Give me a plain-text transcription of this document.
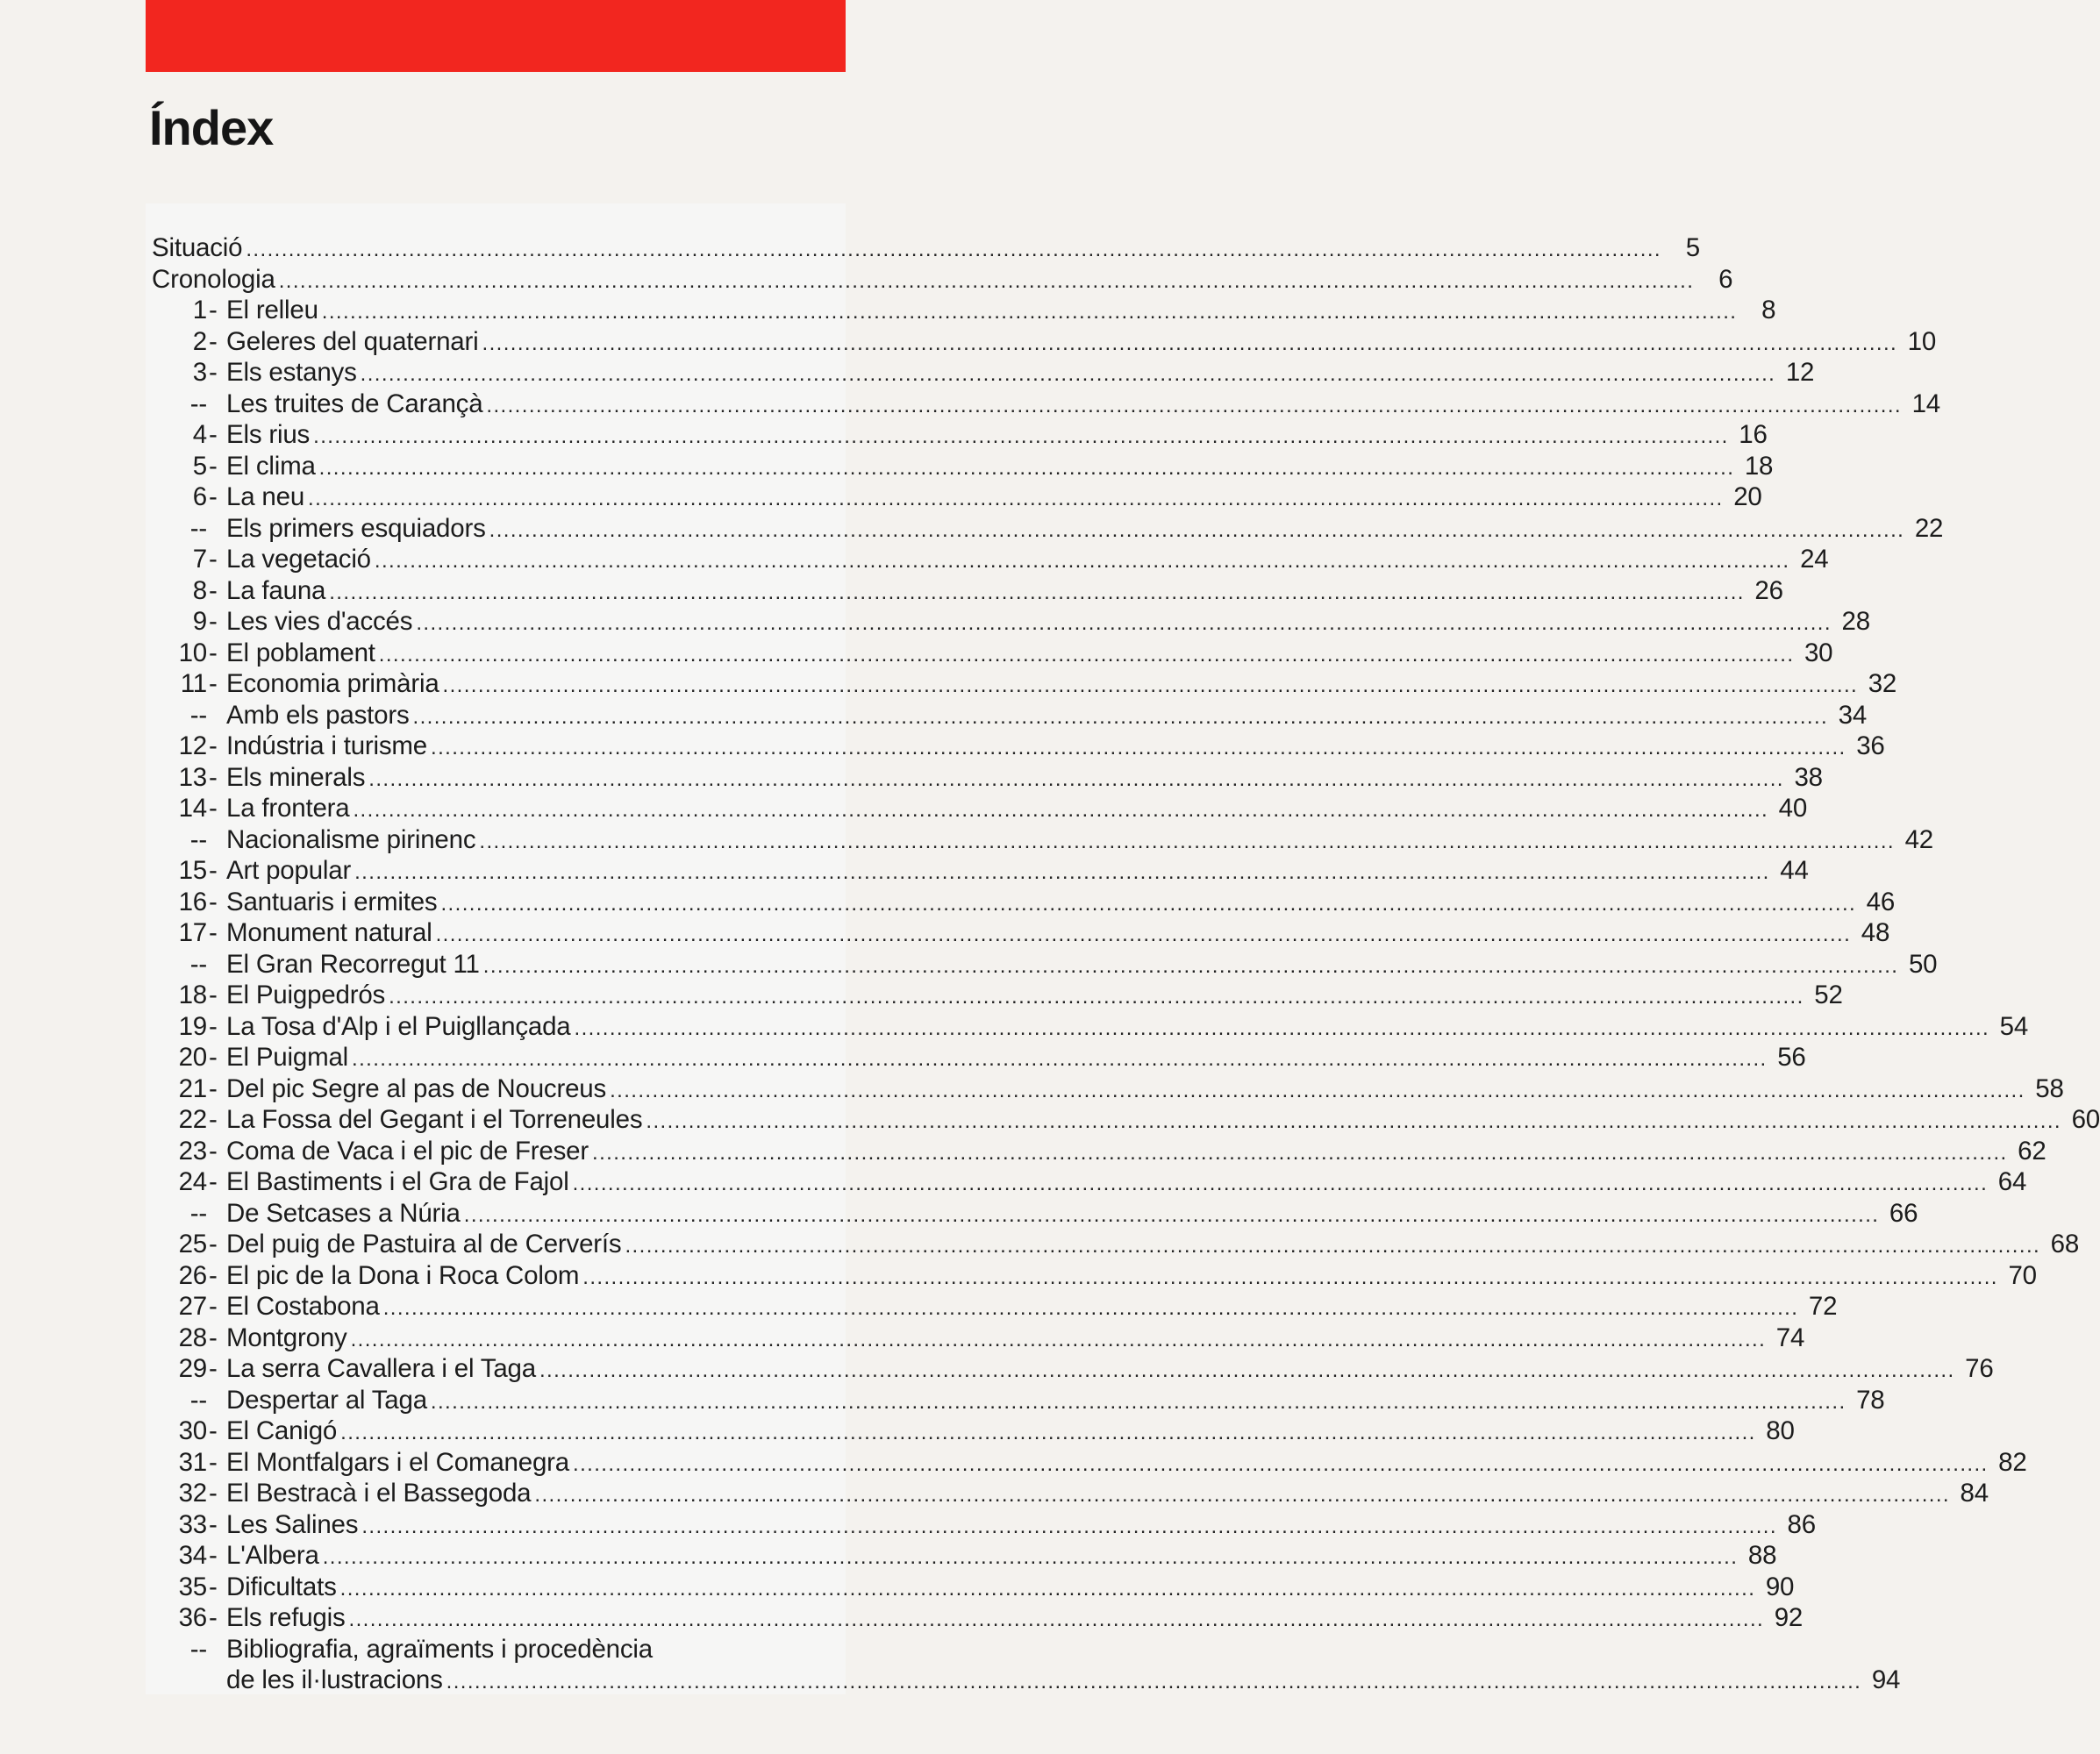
Índex
Situació ........................................................................................................................................................................................................ 5
Cronologia ........................................................................................................................................................................................................ 6
1 - El relleu ........................................................................................................................................................................................................ 8
2 - Geleres del quaternari ........................................................................................................................................................................................................ 10
3 - Els estanys ........................................................................................................................................................................................................ 12
-- Les truites de Carançà ........................................................................................................................................................................................................ 14
4 - Els rius ........................................................................................................................................................................................................ 16
5 - El clima ........................................................................................................................................................................................................ 18
6 - La neu ........................................................................................................................................................................................................ 20
-- Els primers esquiadors ........................................................................................................................................................................................................ 22
7 - La vegetació ........................................................................................................................................................................................................ 24
8 - La fauna ........................................................................................................................................................................................................ 26
9 - Les vies d'accés ........................................................................................................................................................................................................ 28
10 - El poblament ........................................................................................................................................................................................................ 30
11 - Economia primària ........................................................................................................................................................................................................ 32
-- Amb els pastors ........................................................................................................................................................................................................ 34
12 - Indústria i turisme ........................................................................................................................................................................................................ 36
13 - Els minerals ........................................................................................................................................................................................................ 38
14 - La frontera ........................................................................................................................................................................................................ 40
-- Nacionalisme pirinenc ........................................................................................................................................................................................................ 42
15 - Art popular ........................................................................................................................................................................................................ 44
16 - Santuaris i ermites ........................................................................................................................................................................................................ 46
17 - Monument natural ........................................................................................................................................................................................................ 48
-- El Gran Recorregut 11 ........................................................................................................................................................................................................ 50
18 - El Puigpedrós ........................................................................................................................................................................................................ 52
19 - La Tosa d'Alp i el Puigllançada ........................................................................................................................................................................................................ 54
20 - El Puigmal ........................................................................................................................................................................................................ 56
21 - Del pic Segre al pas de Noucreus ........................................................................................................................................................................................................ 58
22 - La Fossa del Gegant i el Torreneules ........................................................................................................................................................................................................ 60
23 - Coma de Vaca i el pic de Freser ........................................................................................................................................................................................................ 62
24 - El Bastiments i el Gra de Fajol ........................................................................................................................................................................................................ 64
-- De Setcases a Núria ........................................................................................................................................................................................................ 66
25 - Del puig de Pastuira al de Cerverís ........................................................................................................................................................................................................ 68
26 - El pic de la Dona i Roca Colom ........................................................................................................................................................................................................ 70
27 - El Costabona ........................................................................................................................................................................................................ 72
28 - Montgrony ........................................................................................................................................................................................................ 74
29 - La serra Cavallera i el Taga ........................................................................................................................................................................................................ 76
-- Despertar al Taga ........................................................................................................................................................................................................ 78
30 - El Canigó ........................................................................................................................................................................................................ 80
31 - El Montfalgars i el Comanegra ........................................................................................................................................................................................................ 82
32 - El Bestracà i el Bassegoda ........................................................................................................................................................................................................ 84
33 - Les Salines ........................................................................................................................................................................................................ 86
34 - L'Albera ........................................................................................................................................................................................................ 88
35 - Dificultats ........................................................................................................................................................................................................ 90
36 - Els refugis ........................................................................................................................................................................................................ 92
-- Bibliografia, agraïments i procedència
de les il·lustracions ........................................................................................................................................................................................................ 94
